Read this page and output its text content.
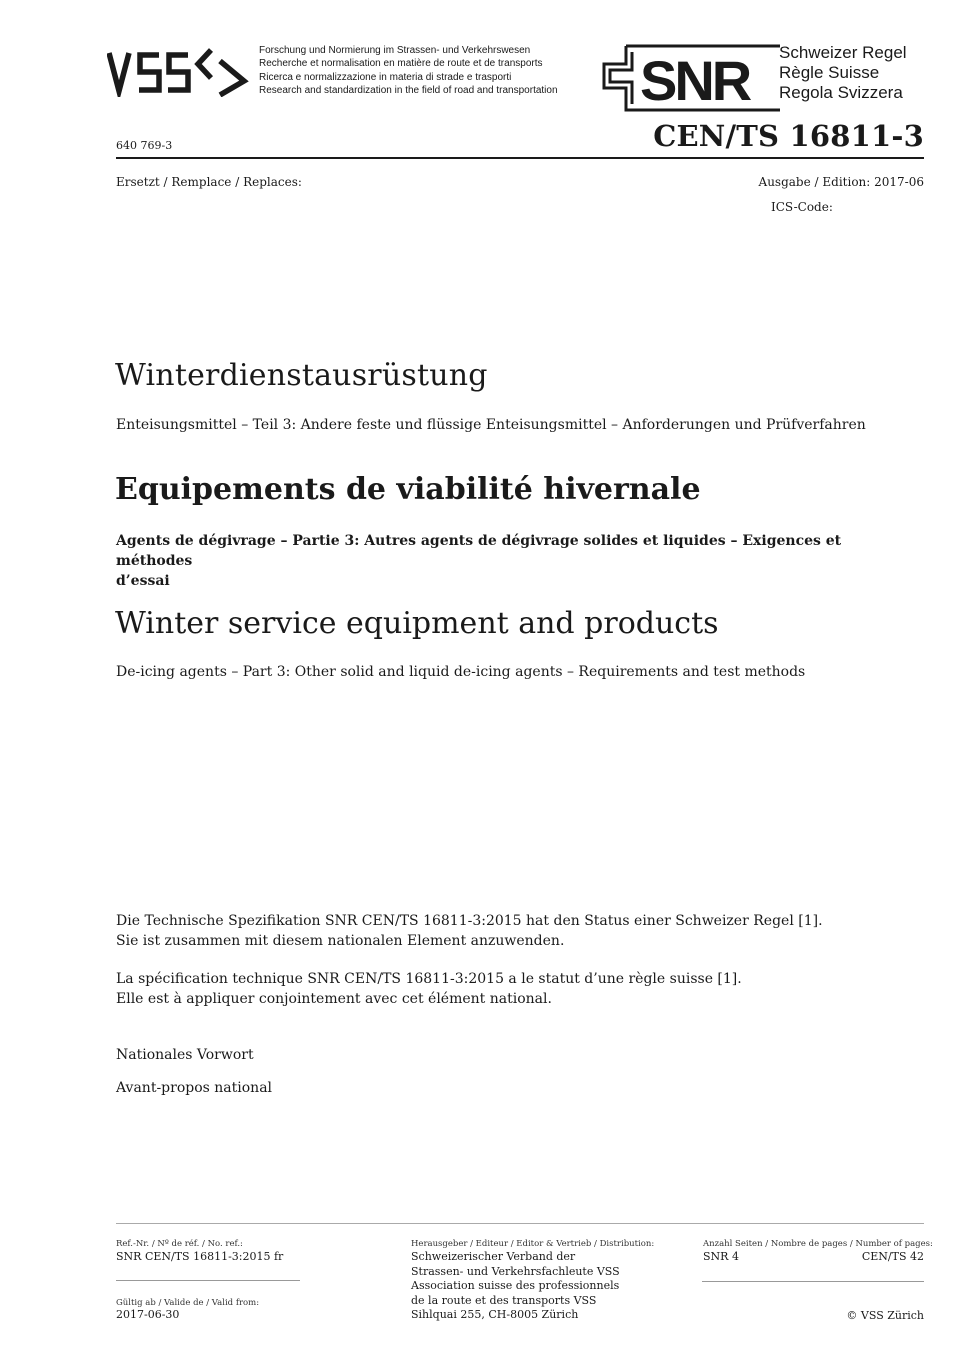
VSS
Forschung und Normierung im Strassen- und Verkehrswesen
Recherche et normalisation en matière de route et de transports
Ricerca e normalizzazione in materia di strade e trasporti
Research and standardization in the field of road and transportation SNR Schweizer Regel
Règle Suisse
Regola Svizzera
640 769-3	CEN/TS 16811-3
Ersetzt / Remplace / Replaces:	Ausgabe / Edition: 2017-06
ICS-Code:
Winterdienstausrüstung
Enteisungsmittel – Teil 3: Andere feste und flüssige Enteisungsmittel – Anforderungen und Prüfverfahren
Equipements de viabilité hivernale
Agents de dégivrage – Partie 3: Autres agents de dégivrage solides et liquides – Exigences et méthodes
d’essai
Winter service equipment and products
De-icing agents – Part 3: Other solid and liquid de-icing agents – Requirements and test methods
Die Technische Spezifikation SNR CEN/TS 16811-3:2015 hat den Status einer Schweizer Regel [1].
Sie ist zusammen mit diesem nationalen Element anzuwenden.
La spécification technique SNR CEN/TS 16811-3:2015 a le statut d’une règle suisse [1].
Elle est à appliquer conjointement avec cet élément national.
Nationales Vorwort
Avant-propos national
Ref.-Nr. / Nº de réf. / No. ref.:
SNR CEN/TS 16811-3:2015 fr
Gültig ab / Valide de / Valid from:
2017-06-30
Herausgeber / Editeur / Editor & Vertrieb / Distribution:
Schweizerischer Verband der
Strassen- und Verkehrsfachleute VSS
Association suisse des professionnels
de la route et des transports VSS
Sihlquai 255, CH-8005 Zürich
Anzahl Seiten / Nombre de pages / Number of pages:
SNR 4	CEN/TS 42
© VSS Zürich
